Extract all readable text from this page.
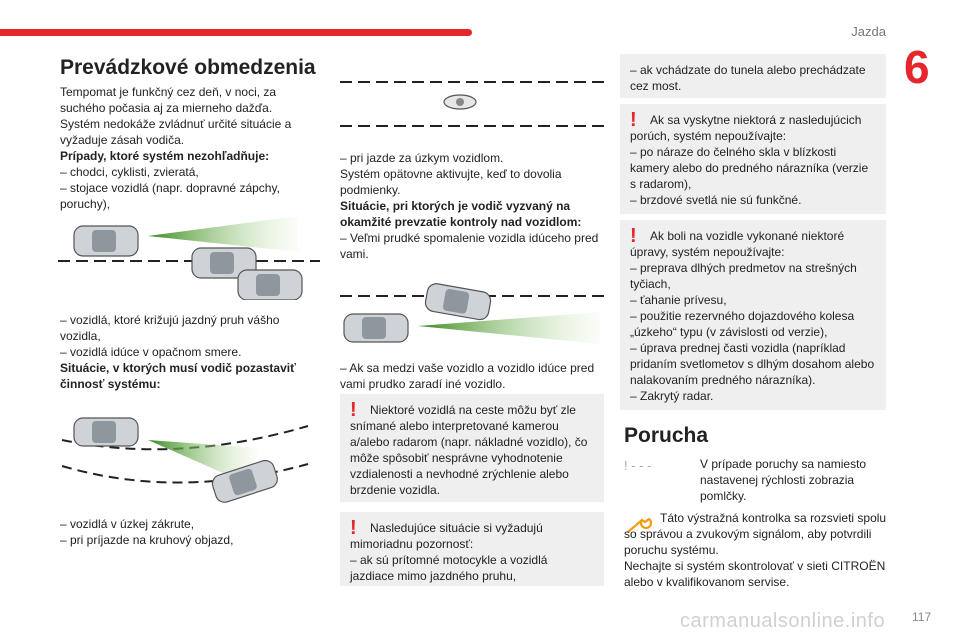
Jazda
6
117
carmanualsonline.info
Prevádzkové obmedzenia

Tempomat je funkčný cez deň, v noci, za suchého počasia aj za mierneho dažďa. Systém nedokáže zvládnuť určité situácie a vyžaduje zásah vodiča.

Prípady, ktoré systém nezohľadňuje:

– chodci, cyklisti, zvieratá,

– stojace vozidlá (napr. dopravné zápchy, poruchy),

– vozidlá, ktoré križujú jazdný pruh vášho vozidla,

– vozidlá idúce v opačnom smere.

Situácie, v ktorých musí vodič pozastaviť činnosť systému:

– vozidlá v úzkej zákrute,

– pri príjazde na kruhový objazd,

– pri jazde za úzkym vozidlom.

Systém opätovne aktivujte, keď to dovolia podmienky.

Situácie, pri ktorých je vodič vyzvaný na okamžité prevzatie kontroly nad vozidlom:

– Veľmi prudké spomalenie vozidla idúceho pred vami.

– Ak sa medzi vaše vozidlo a vozidlo idúce pred vami prudko zaradí iné vozidlo.

! Niektoré vozidlá na ceste môžu byť zle snímané alebo interpretované kamerou a/alebo radarom (napr. nákladné vozidlo), čo môže spôsobiť nesprávne vyhodnotenie vzdialenosti a nevhodné zrýchlenie alebo brzdenie vozidla.

! Nasledujúce situácie si vyžadujú mimoriadnu pozornosť:

– ak sú prítomné motocykle a vozidlá jazdiace mimo jazdného pruhu,

– ak vchádzate do tunela alebo prechádzate cez most.

! Ak sa vyskytne niektorá z nasledujúcich porúch, systém nepoužívajte:

– po náraze do čelného skla v blízkosti kamery alebo do predného nárazníka (verzie s radarom),

– brzdové svetlá nie sú funkčné.

! Ak boli na vozidle vykonané niektoré úpravy, systém nepoužívajte:

– preprava dlhých predmetov na strešných tyčiach,

– ťahanie prívesu,

– použitie rezervného dojazdového kolesa „úzkeho“ typu (v závislosti od verzie),

– úprava prednej časti vozidla (napríklad pridaním svetlometov s dlhým dosahom alebo nalakovaním predného nárazníka).

– Zakrytý radar.

Porucha
! - - -	V prípade poruchy sa namiesto nastavenej rýchlosti zobrazia pomlčky.

Táto výstražná kontrolka sa rozsvieti spolu so správou a zvukovým signálom, aby potvrdili poruchu systému.

Nechajte si systém skontrolovať v sieti CITROËN alebo v kvalifikovanom servise.
